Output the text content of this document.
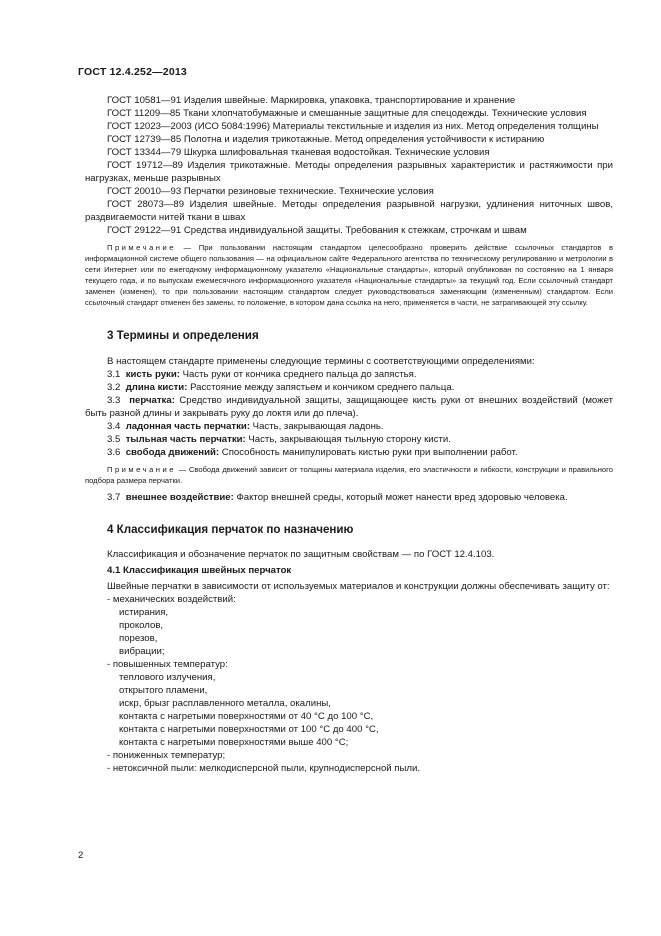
ГОСТ 12.4.252—2013

ГОСТ 10581—91 Изделия швейные. Маркировка, упаковка, транспортирование и хранение

ГОСТ 11209—85 Ткани хлопчатобумажные и смешанные защитные для спецодежды. Технические условия

ГОСТ 12023—2003 (ИСО 5084:1996) Материалы текстильные и изделия из них. Метод определения толщины

ГОСТ 12739—85 Полотна и изделия трикотажные. Метод определения устойчивости к истиранию

ГОСТ 13344—79 Шкурка шлифовальная тканевая водостойкая. Технические условия

ГОСТ 19712—89 Изделия трикотажные. Методы определения разрывных характеристик и растяжимости при нагрузках, меньше разрывных

ГОСТ 20010—93 Перчатки резиновые технические. Технические условия

ГОСТ 28073—89 Изделия швейные. Методы определения разрывной нагрузки, удлинения ниточных швов, раздвигаемости нитей ткани в швах

ГОСТ 29122—91 Средства индивидуальной защиты. Требования к стежкам, строчкам и швам

Примечание — При пользовании настоящим стандартом целесообразно проверить действие ссылочных стандартов в информационной системе общего пользования — на официальном сайте Федерального агентства по техническому регулированию и метрологии в сети Интернет или по ежегодному информационному указателю «Национальные стандарты», который опубликован по состоянию на 1 января текущего года, и по выпускам ежемесячного информационного указателя «Национальные стандарты» за текущий год. Если ссылочный стандарт заменен (изменен), то при пользовании настоящим стандартом следует руководствоваться заменяющим (измененным) стандартом. Если ссылочный стандарт отменен без замены, то положение, в котором дана ссылка на него, применяется в части, не затрагивающей эту ссылку.

3 Термины и определения

В настоящем стандарте применены следующие термины с соответствующими определениями:

3.1 кисть руки: Часть руки от кончика среднего пальца до запястья.

3.2 длина кисти: Расстояние между запястьем и кончиком среднего пальца.

3.3 перчатка: Средство индивидуальной защиты, защищающее кисть руки от внешних воздействий (может быть разной длины и закрывать руку до локтя или до плеча).

3.4 ладонная часть перчатки: Часть, закрывающая ладонь.

3.5 тыльная часть перчатки: Часть, закрывающая тыльную сторону кисти.

3.6 свобода движений: Способность манипулировать кистью руки при выполнении работ.

Примечание — Свобода движений зависит от толщины материала изделия, его эластичности и гибкости, конструкции и правильного подбора размера перчатки.

3.7 внешнее воздействие: Фактор внешней среды, который может нанести вред здоровью человека.

4 Классификация перчаток по назначению

Классификация и обозначение перчаток по защитным свойствам — по ГОСТ 12.4.103.

4.1 Классификация швейных перчаток

Швейные перчатки в зависимости от используемых материалов и конструкции должны обеспечивать защиту от:

- механических воздействий:

истирания,

проколов,

порезов,

вибрации;

- повышенных температур:

теплового излучения,

открытого пламени,

искр, брызг расплавленного металла, окалины,

контакта с нагретыми поверхностями от 40 °С до 100 °С,

контакта с нагретыми поверхностями от 100 °С до 400 °С,

контакта с нагретыми поверхностями выше 400 °С;

- пониженных температур;

- нетоксичной пыли: мелкодисперсной пыли, крупнодисперсной пыли.

2
